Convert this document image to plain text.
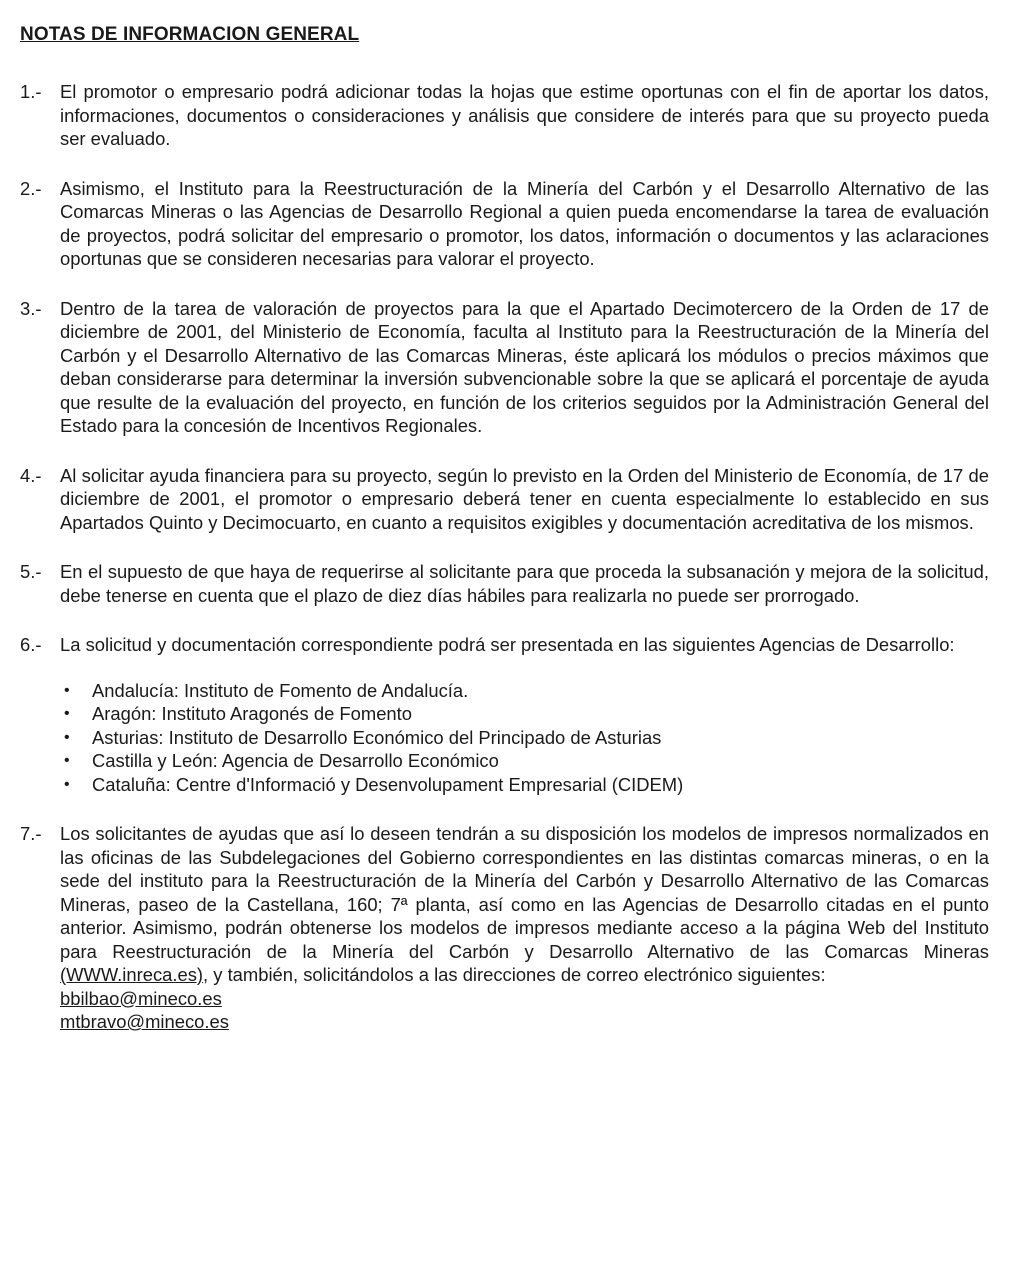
NOTAS DE INFORMACION GENERAL
1.-	El promotor o empresario podrá adicionar todas la hojas que estime oportunas con el fin de aportar los datos, informaciones, documentos o consideraciones y análisis que considere de interés para que su proyecto pueda ser evaluado.

2.-	Asimismo, el Instituto para la Reestructuración de la Minería del Carbón y el Desarrollo Alternativo de las Comarcas Mineras o las Agencias de Desarrollo Regional a quien pueda encomendarse la tarea de evaluación de proyectos, podrá solicitar del empresario o promotor, los datos, información o documentos y las aclaraciones oportunas que se consideren necesarias para valorar el proyecto.

3.-	Dentro de la tarea de valoración de proyectos para la que el Apartado Decimotercero de la Orden de 17 de diciembre de 2001, del Ministerio de Economía, faculta al Instituto para la Reestructuración de la Minería del Carbón y el Desarrollo Alternativo de las Comarcas Mineras, éste aplicará los módulos o precios máximos que deban considerarse para determinar la inversión subvencionable sobre la que se aplicará el porcentaje de ayuda que resulte de la evaluación del proyecto, en función de los criterios seguidos por la Administración General del Estado para la concesión de Incentivos Regionales.

4.-	Al solicitar ayuda financiera para su proyecto, según lo previsto en la Orden del Ministerio de Economía, de 17 de diciembre de 2001, el promotor o empresario deberá tener en cuenta especialmente lo establecido en sus Apartados Quinto y Decimocuarto, en cuanto a requisitos exigibles y documentación acreditativa de los mismos.

5.-	En el supuesto de que haya de requerirse al solicitante para que proceda la subsanación y mejora de la solicitud, debe tenerse en cuenta que el plazo de diez días hábiles para realizarla no puede ser prorrogado.

6.-	La solicitud y documentación correspondiente podrá ser presentada en las siguientes Agencias de Desarrollo:

•	Andalucía: Instituto de Fomento de Andalucía.
•	Aragón: Instituto Aragonés de Fomento
•	Asturias: Instituto de Desarrollo Económico del Principado de Asturias
•	Castilla y León: Agencia de Desarrollo Económico
•	Cataluña: Centre d'Informació y Desenvolupament Empresarial (CIDEM)
7.-	Los solicitantes de ayudas que así lo deseen tendrán a su disposición los modelos de impresos normalizados en las oficinas de las Subdelegaciones del Gobierno correspondientes en las distintas comarcas mineras, o en la sede del instituto para la Reestructuración de la Minería del Carbón y Desarrollo Alternativo de las Comarcas Mineras, paseo de la Castellana, 160; 7ª planta, así como en las Agencias de Desarrollo citadas en el punto anterior. Asimismo, podrán obtenerse los modelos de impresos mediante acceso a la página Web del Instituto para Reestructuración de la Minería del Carbón y Desarrollo Alternativo de las Comarcas Mineras (WWW.inreca.es), y también, solicitándolos a las direcciones de correo electrónico siguientes:

bbilbao@mineco.es
mtbravo@mineco.es
